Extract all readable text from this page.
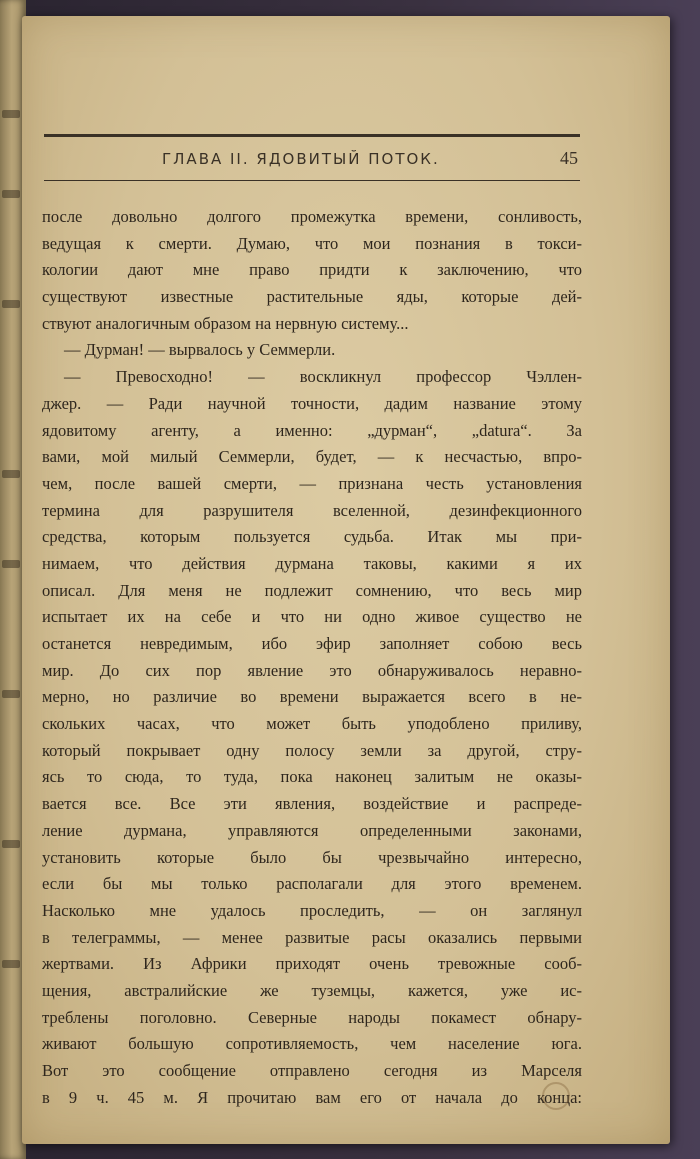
ГЛАВА II. ЯДОВИТЫЙ ПОТОК.	45
после довольно долгого промежутка времени, сонливость,
ведущая к смерти. Думаю, что мои познания в токси-
кологии дают мне право придти к заключению, что
существуют известные растительные яды, которые дей-
ствуют аналогичным образом на нервную систему...
— Дурман! — вырвалось у Семмерли.
— Превосходно! — воскликнул профессор Чэллен-
джер. — Ради научной точности, дадим название этому
ядовитому агенту, а именно: „дурман“, „datura“. За
вами, мой милый Семмерли, будет, — к несчастью, впро-
чем, после вашей смерти, — признана честь установления
термина для разрушителя вселенной, дезинфекционного
средства, которым пользуется судьба. Итак мы при-
нимаем, что действия дурмана таковы, какими я их
описал. Для меня не подлежит сомнению, что весь мир
испытает их на себе и что ни одно живое существо не
останется невредимым, ибо эфир заполняет собою весь
мир. До сих пор явление это обнаруживалось неравно-
мерно, но различие во времени выражается всего в не-
скольких часах, что может быть уподоблено приливу,
который покрывает одну полосу земли за другой, стру-
ясь то сюда, то туда, пока наконец залитым не оказы-
вается все. Все эти явления, воздействие и распреде-
ление дурмана, управляются определенными законами,
установить которые было бы чрезвычайно интересно,
если бы мы только располагали для этого временем.
Насколько мне удалось проследить, — он заглянул
в телеграммы, — менее развитые расы оказались первыми
жертвами. Из Африки приходят очень тревожные сооб-
щения, австралийские же туземцы, кажется, уже ис-
треблены поголовно. Северные народы покамест обнару-
живают большую сопротивляемость, чем население юга.
Вот это сообщение отправлено сегодня из Марселя
в 9 ч. 45 м. Я прочитаю вам его от начала до конца:
